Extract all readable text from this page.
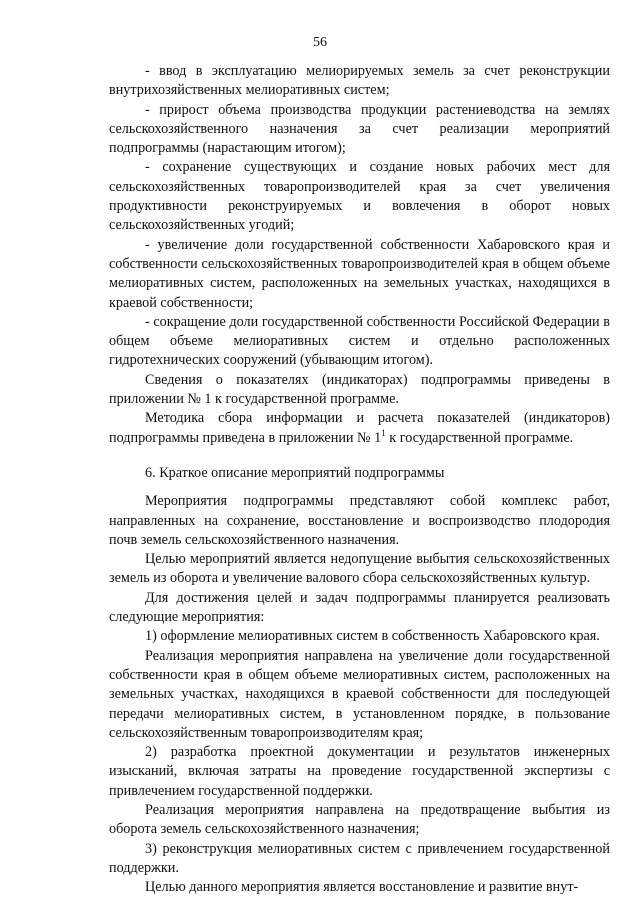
56

- ввод в эксплуатацию мелиорируемых земель за счет реконструкции внутрихозяйственных мелиоративных систем;

- прирост объема производства продукции растениеводства на землях сельскохозяйственного назначения за счет реализации мероприятий подпрограммы (нарастающим итогом);

- сохранение существующих и создание новых рабочих мест для сельскохозяйственных товаропроизводителей края за счет увеличения продуктивности реконструируемых и вовлечения в оборот новых сельскохозяйственных угодий;

- увеличение доли государственной собственности Хабаровского края и собственности сельскохозяйственных товаропроизводителей края в общем объеме мелиоративных систем, расположенных на земельных участках, находящихся в краевой собственности;

- сокращение доли государственной собственности Российской Федерации в общем объеме мелиоративных систем и отдельно расположенных гидротехнических сооружений (убывающим итогом).

Сведения о показателях (индикаторах) подпрограммы приведены в приложении № 1 к государственной программе.

Методика сбора информации и расчета показателей (индикаторов) подпрограммы приведена в приложении № $1^1$ к государственной программе.

6. Краткое описание мероприятий подпрограммы

Мероприятия подпрограммы представляют собой комплекс работ, направленных на сохранение, восстановление и воспроизводство плодородия почв земель сельскохозяйственного назначения.

Целью мероприятий является недопущение выбытия сельскохозяйственных земель из оборота и увеличение валового сбора сельскохозяйственных культур.

Для достижения целей и задач подпрограммы планируется реализовать следующие мероприятия:

1) оформление мелиоративных систем в собственность Хабаровского края.

Реализация мероприятия направлена на увеличение доли государственной собственности края в общем объеме мелиоративных систем, расположенных на земельных участках, находящихся в краевой собственности для последующей передачи мелиоративных систем, в установленном порядке, в пользование сельскохозяйственным товаропроизводителям края;

2) разработка проектной документации и результатов инженерных изысканий, включая затраты на проведение государственной экспертизы с привлечением государственной поддержки.

Реализация мероприятия направлена на предотвращение выбытия из оборота земель сельскохозяйственного назначения;

3) реконструкция мелиоративных систем с привлечением государственной поддержки.

Целью данного мероприятия является восстановление и развитие внут-
